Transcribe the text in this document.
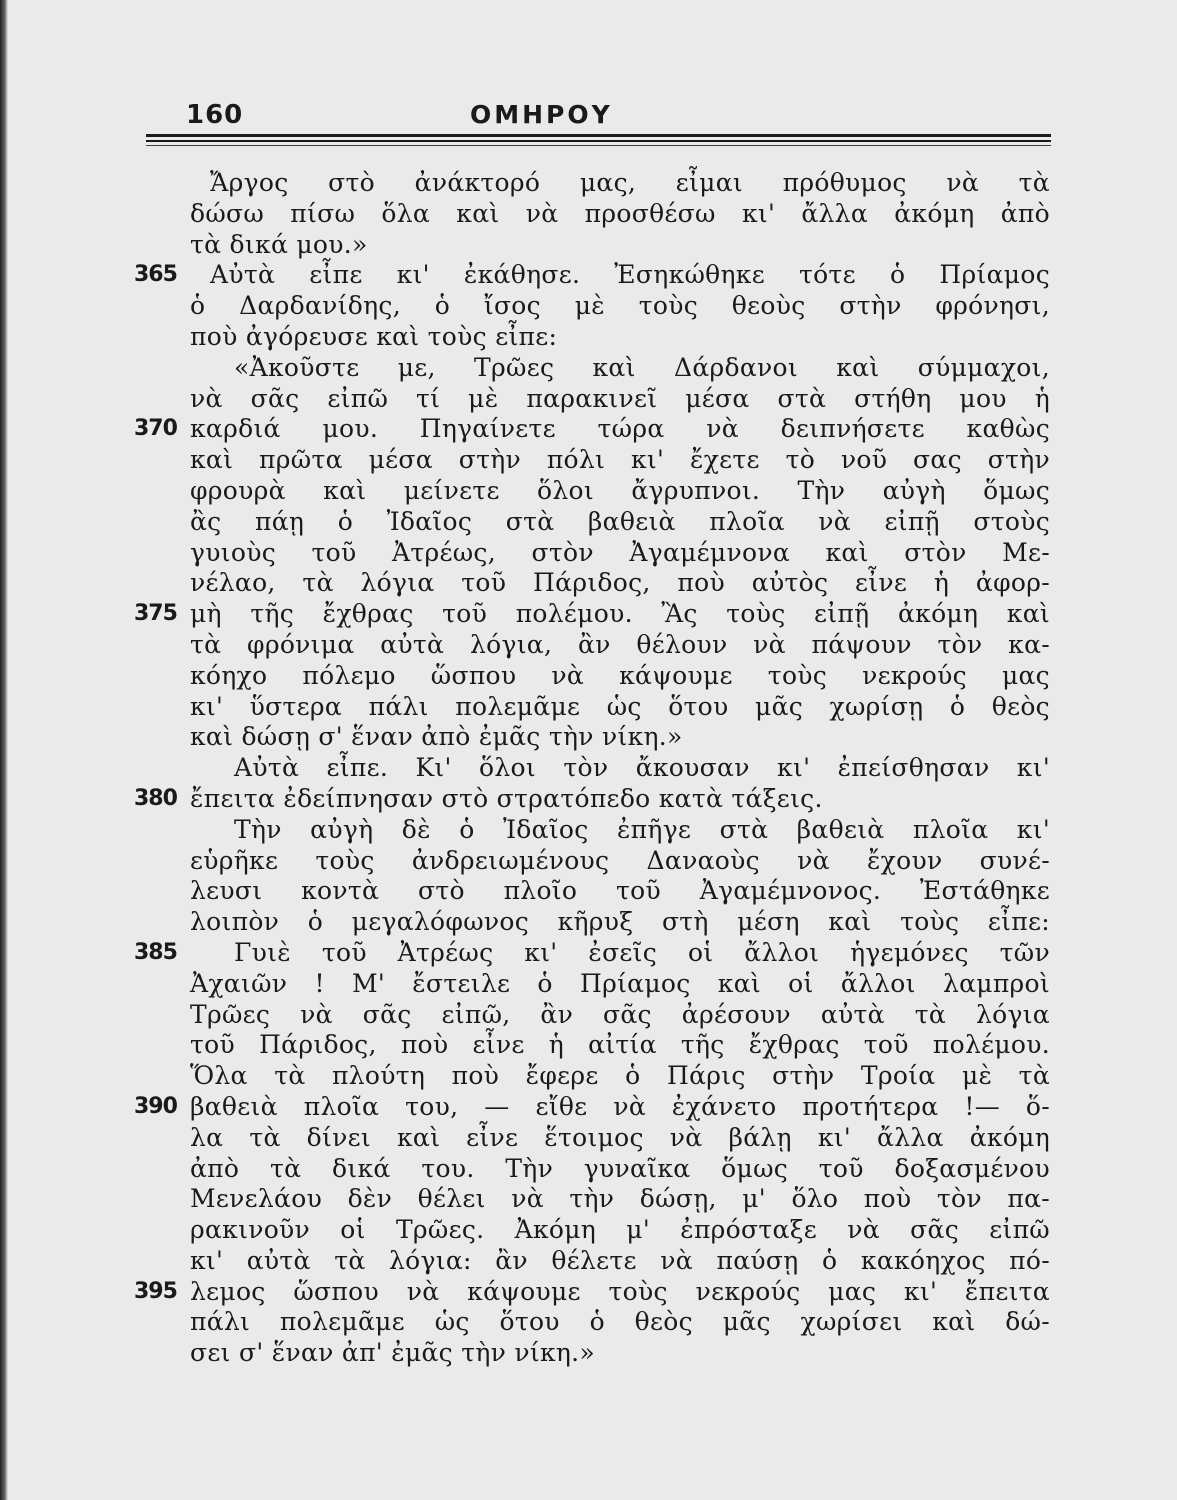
160	ΟΜΗΡΟΥ
Ἄργος στὸ ἀνάκτορό μας, εἶμαι πρόθυμος νὰ τὰ
δώσω πίσω ὅλα καὶ νὰ προσθέσω κι' ἄλλα ἀκόμη ἀπὸ
τὰ δικά μου.»
365 Αὐτὰ εἶπε κι' ἐκάθησε. Ἐσηκώθηκε τότε ὁ Πρίαμος
ὁ Δαρδανίδης, ὁ ἴσος μὲ τοὺς θεοὺς στὴν φρόνησι,
ποὺ ἀγόρευσε καὶ τοὺς εἶπε:
«Ἀκοῦστε με, Τρῶες καὶ Δάρδανοι καὶ σύμμαχοι,
νὰ σᾶς εἰπῶ τί μὲ παρακινεῖ μέσα στὰ στήθη μου ἡ
370 καρδιά μου. Πηγαίνετε τώρα νὰ δειπνήσετε καθὼς
καὶ πρῶτα μέσα στὴν πόλι κι' ἔχετε τὸ νοῦ σας στὴν
φρουρὰ καὶ μείνετε ὅλοι ἄγρυπνοι. Τὴν αὐγὴ ὅμως
ἂς πάῃ ὁ Ἰδαῖος στὰ βαθειὰ πλοῖα νὰ εἰπῇ στοὺς
γυιοὺς τοῦ Ἀτρέως, στὸν Ἀγαμέμνονα καὶ στὸν Με-
νέλαο, τὰ λόγια τοῦ Πάριδος, ποὺ αὐτὸς εἶνε ἡ ἀφορ-
375 μὴ τῆς ἔχθρας τοῦ πολέμου. Ἂς τοὺς εἰπῇ ἀκόμη καὶ
τὰ φρόνιμα αὐτὰ λόγια, ἂν θέλουν νὰ πάψουν τὸν κα-
κόηχο πόλεμο ὥσπου νὰ κάψουμε τοὺς νεκρούς μας
κι' ὕστερα πάλι πολεμᾶμε ὡς ὅτου μᾶς χωρίσῃ ὁ θεὸς
καὶ δώσῃ σ' ἕναν ἀπὸ ἐμᾶς τὴν νίκη.»
Αὐτὰ εἶπε. Κι' ὅλοι τὸν ἄκουσαν κι' ἐπείσθησαν κι'
380 ἔπειτα ἐδείπνησαν στὸ στρατόπεδο κατὰ τάξεις.
Τὴν αὐγὴ δὲ ὁ Ἰδαῖος ἐπῆγε στὰ βαθειὰ πλοῖα κι'
εὑρῆκε τοὺς ἀνδρειωμένους Δαναοὺς νὰ ἔχουν συνέ-
λευσι κοντὰ στὸ πλοῖο τοῦ Ἀγαμέμνονος. Ἐστάθηκε
λοιπὸν ὁ μεγαλόφωνος κῆρυξ στὴ μέση καὶ τοὺς εἶπε:
385 Γυιὲ τοῦ Ἀτρέως κι' ἐσεῖς οἱ ἄλλοι ἡγεμόνες τῶν
Ἀχαιῶν ! Μ' ἔστειλε ὁ Πρίαμος καὶ οἱ ἄλλοι λαμπροὶ
Τρῶες νὰ σᾶς εἰπῶ, ἂν σᾶς ἀρέσουν αὐτὰ τὰ λόγια
τοῦ Πάριδος, ποὺ εἶνε ἡ αἰτία τῆς ἔχθρας τοῦ πολέμου.
Ὅλα τὰ πλούτη ποὺ ἔφερε ὁ Πάρις στὴν Τροία μὲ τὰ
390 βαθειὰ πλοῖα του, — εἴθε νὰ ἐχάνετο προτήτερα !— ὅ-
λα τὰ δίνει καὶ εἶνε ἕτοιμος νὰ βάλῃ κι' ἄλλα ἀκόμη
ἀπὸ τὰ δικά του. Τὴν γυναῖκα ὅμως τοῦ δοξασμένου
Μενελάου δὲν θέλει νὰ τὴν δώσῃ, μ' ὅλο ποὺ τὸν πα-
ρακινοῦν οἱ Τρῶες. Ἀκόμη μ' ἐπρόσταξε νὰ σᾶς εἰπῶ
κι' αὐτὰ τὰ λόγια: ἂν θέλετε νὰ παύσῃ ὁ κακόηχος πό-
395 λεμος ὥσπου νὰ κάψουμε τοὺς νεκρούς μας κι' ἔπειτα
πάλι πολεμᾶμε ὡς ὅτου ὁ θεὸς μᾶς χωρίσει καὶ δώ-
σει σ' ἕναν ἀπ' ἐμᾶς τὴν νίκη.»
